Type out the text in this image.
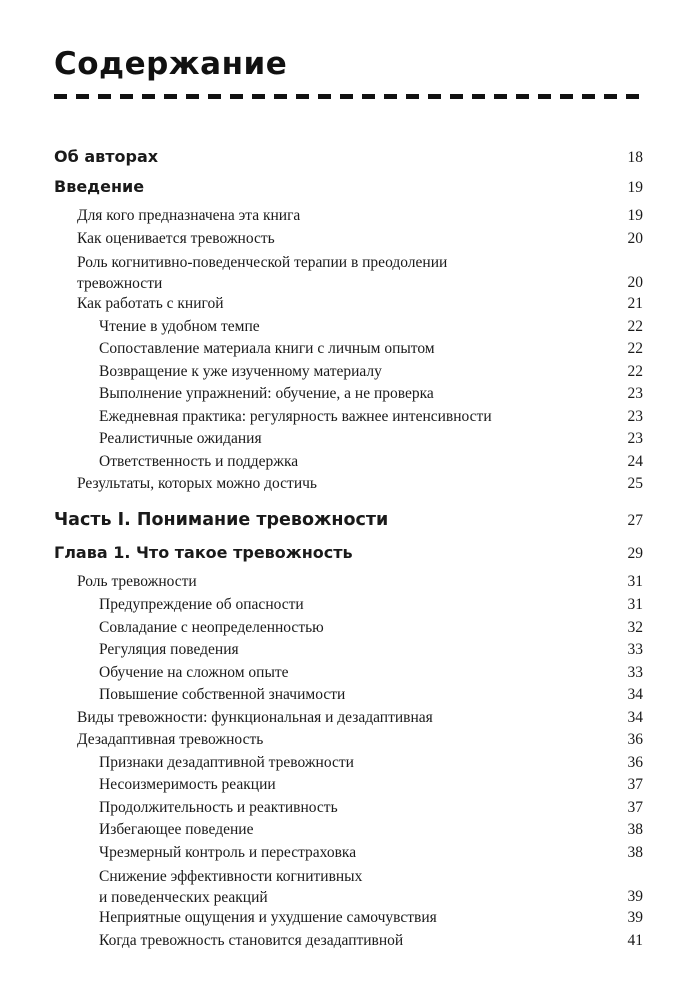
Содержание
Об авторах	18
Введение	19
Для кого предназначена эта книга	19
Как оценивается тревожность	20
Роль когнитивно-поведенческой терапии в преодолении
тревожности	20
Как работать с книгой	21
Чтение в удобном темпе	22
Сопоставление материала книги с личным опытом	22
Возвращение к уже изученному материалу	22
Выполнение упражнений: обучение, а не проверка	23
Ежедневная практика: регулярность важнее интенсивности	23
Реалистичные ожидания	23
Ответственность и поддержка	24
Результаты, которых можно достичь	25
Часть I. Понимание тревожности	27
Глава 1. Что такое тревожность	29
Роль тревожности	31
Предупреждение об опасности	31
Совладание с неопределенностью	32
Регуляция поведения	33
Обучение на сложном опыте	33
Повышение собственной значимости	34
Виды тревожности: функциональная и дезадаптивная	34
Дезадаптивная тревожность	36
Признаки дезадаптивной тревожности	36
Несоизмеримость реакции	37
Продолжительность и реактивность	37
Избегающее поведение	38
Чрезмерный контроль и перестраховка	38
Снижение эффективности когнитивных
и поведенческих реакций	39
Неприятные ощущения и ухудшение самочувствия	39
Когда тревожность становится дезадаптивной	41
